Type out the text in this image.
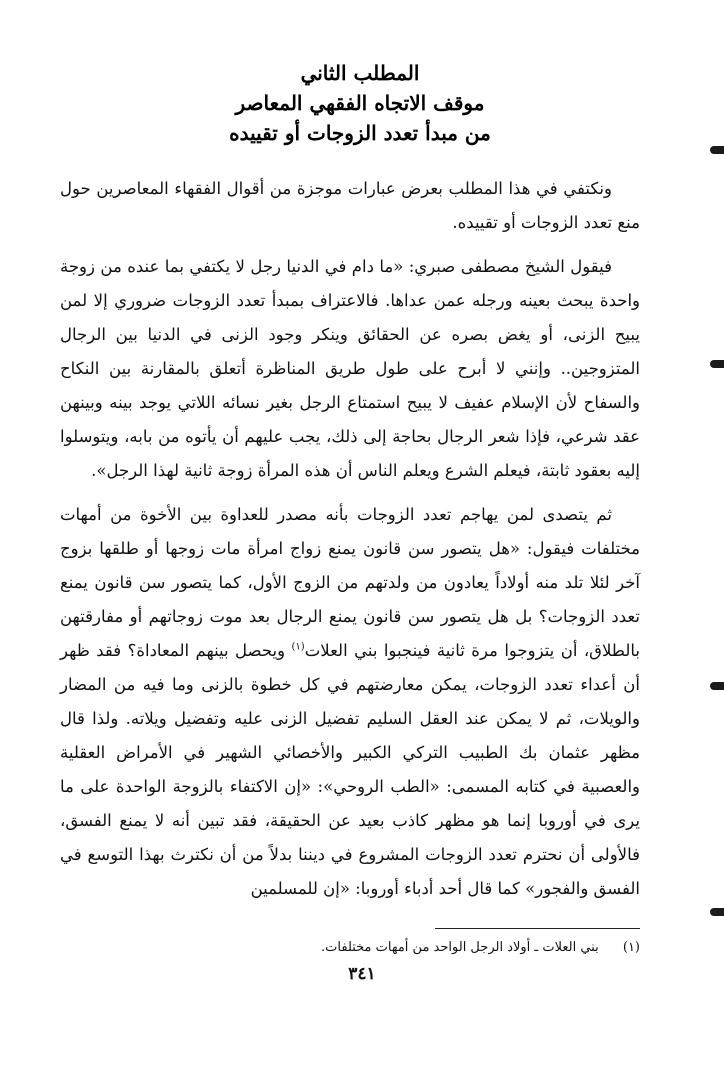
المطلب الثاني
موقف الاتجاه الفقهي المعاصر
من مبدأ تعدد الزوجات أو تقييده

ونكتفي في هذا المطلب بعرض عبارات موجزة من أقوال الفقهاء المعاصرين حول منع تعدد الزوجات أو تقييده.

فيقول الشيخ مصطفى صبري: «ما دام في الدنيا رجل لا يكتفي بما عنده من زوجة واحدة يبحث بعينه ورجله عمن عداها. فالاعتراف بمبدأ تعدد الزوجات ضروري إلا لمن يبيح الزنى، أو يغض بصره عن الحقائق وينكر وجود الزنى في الدنيا بين الرجال المتزوجين.. وإنني لا أبرح على طول طريق المناظرة أتعلق بالمقارنة بين النكاح والسفاح لأن الإسلام عفيف لا يبيح استمتاع الرجل بغير نسائه اللاتي يوجد بينه وبينهن عقد شرعي، فإذا شعر الرجال بحاجة إلى ذلك، يجب عليهم أن يأتوه من بابه، ويتوسلوا إليه بعقود ثابتة، فيعلم الشرع ويعلم الناس أن هذه المرأة زوجة ثانية لهذا الرجل».

ثم يتصدى لمن يهاجم تعدد الزوجات بأنه مصدر للعداوة بين الأخوة من أمهات مختلفات فيقول: «هل يتصور سن قانون يمنع زواج امرأة مات زوجها أو طلقها بزوج آخر لئلا تلد منه أولاداً يعادون من ولدتهم من الزوج الأول، كما يتصور سن قانون يمنع تعدد الزوجات؟ بل هل يتصور سن قانون يمنع الرجال بعد موت زوجاتهم أو مفارقتهن بالطلاق، أن يتزوجوا مرة ثانية فينجبوا بني العلات$^{(١)}$ ويحصل بينهم المعاداة؟ فقد ظهر أن أعداء تعدد الزوجات، يمكن معارضتهم في كل خطوة بالزنى وما فيه من المضار والويلات، ثم لا يمكن عند العقل السليم تفضيل الزنى عليه وتفضيل ويلاته. ولذا قال مظهر عثمان بك الطبيب التركي الكبير والأخصائي الشهير في الأمراض العقلية والعصبية في كتابه المسمى: «الطب الروحي»: «إن الاكتفاء بالزوجة الواحدة على ما يرى في أوروبا إنما هو مظهر كاذب بعيد عن الحقيقة، فقد تبين أنه لا يمنع الفسق، فالأولى أن نحترم تعدد الزوجات المشروع في ديننا بدلاً من أن نكترث بهذا التوسع في الفسق والفجور» كما قال أحد أدباء أوروبا: «إن للمسلمين

(١) بني العلات ـ أولاد الرجل الواحد من أمهات مختلفات.
٣٤١
